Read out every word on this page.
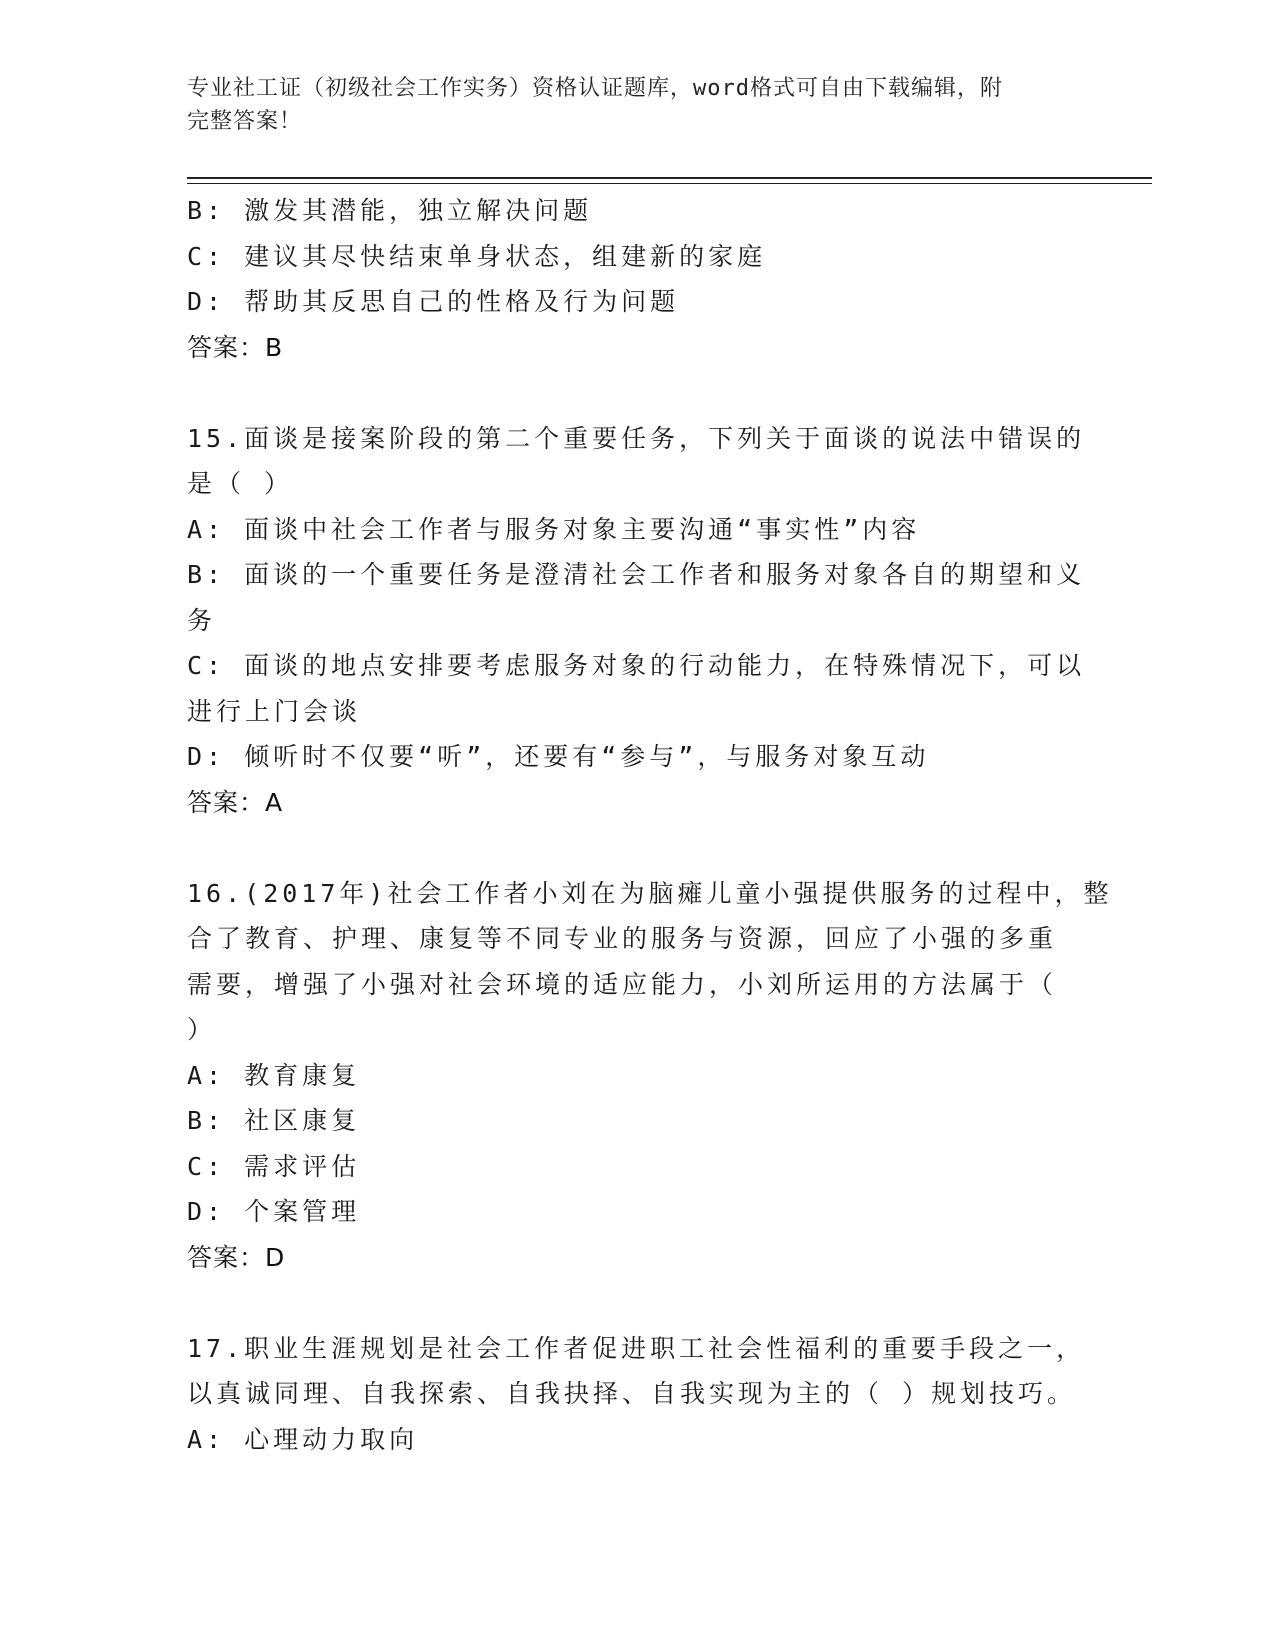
专业社工证（初级社会工作实务）资格认证题库，word格式可自由下载编辑，附
完整答案！
B: 激发其潜能，独立解决问题
C: 建议其尽快结束单身状态，组建新的家庭
D: 帮助其反思自己的性格及行为问题
答案：B
15.面谈是接案阶段的第二个重要任务，下列关于面谈的说法中错误的
是（ ）
A: 面谈中社会工作者与服务对象主要沟通“事实性”内容
B: 面谈的一个重要任务是澄清社会工作者和服务对象各自的期望和义
务
C: 面谈的地点安排要考虑服务对象的行动能力，在特殊情况下，可以
进行上门会谈
D: 倾听时不仅要“听”，还要有“参与”，与服务对象互动
答案：A
16.(2017年)社会工作者小刘在为脑瘫儿童小强提供服务的过程中，整
合了教育、护理、康复等不同专业的服务与资源，回应了小强的多重
需要，增强了小强对社会环境的适应能力，小刘所运用的方法属于（
）
A: 教育康复
B: 社区康复
C: 需求评估
D: 个案管理
答案：D
17.职业生涯规划是社会工作者促进职工社会性福利的重要手段之一，
以真诚同理、自我探索、自我抉择、自我实现为主的（ ）规划技巧。
A: 心理动力取向
